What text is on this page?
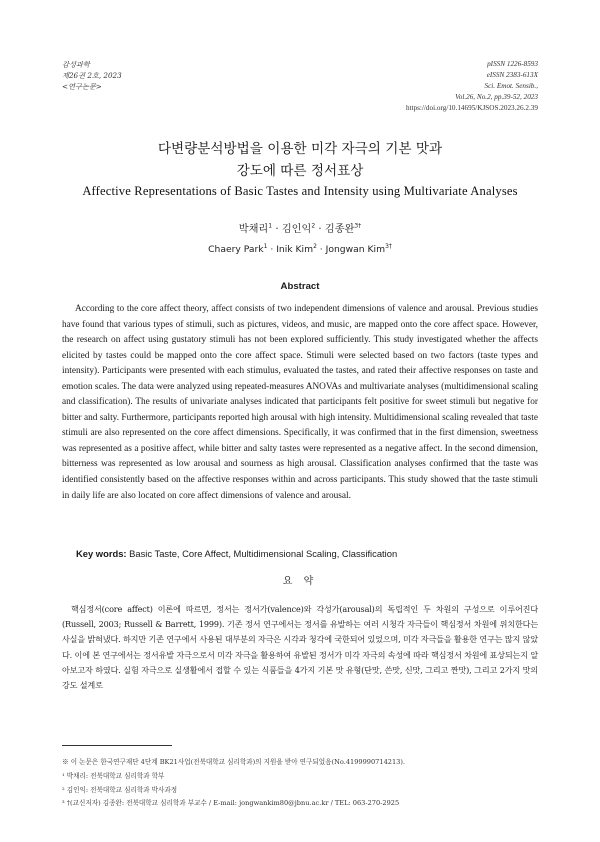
감성과학
제26권 2호, 2023
<연구논문>
pISSN 1226-8593
eISSN 2383-613X
Sci. Emot. Sensib.,
Vol.26, No.2, pp.39-52, 2023
https://doi.org/10.14695/KJSOS.2023.26.2.39
다변량분석방법을 이용한 미각 자극의 기본 맛과
강도에 따른 정서표상
Affective Representations of Basic Tastes and Intensity using Multivariate Analyses
박채리$^1$ · 김인익$^2$ · 김종완$^{3\dagger}$
Chaery Park$^1$ · Inik Kim$^2$ · Jongwan Kim$^{3\dagger}$
Abstract

According to the core affect theory, affect consists of two independent dimensions of valence and arousal. Previous studies have found that various types of stimuli, such as pictures, videos, and music, are mapped onto the core affect space. However, the research on affect using gustatory stimuli has not been explored sufficiently. This study investigated whether the affects elicited by tastes could be mapped onto the core affect space. Stimuli were selected based on two factors (taste types and intensity). Participants were presented with each stimulus, evaluated the tastes, and rated their affective responses on taste and emotion scales. The data were analyzed using repeated-measures ANOVAs and multivariate analyses (multidimensional scaling and classification). The results of univariate analyses indicated that participants felt positive for sweet stimuli but negative for bitter and salty. Furthermore, participants reported high arousal with high intensity. Multidimensional scaling revealed that taste stimuli are also represented on the core affect dimensions. Specifically, it was confirmed that in the first dimension, sweetness was represented as a positive affect, while bitter and salty tastes were represented as a negative affect. In the second dimension, bitterness was represented as low arousal and sourness as high arousal. Classification analyses confirmed that the taste was identified consistently based on the affective responses within and across participants. This study showed that the taste stimuli in daily life are also located on core affect dimensions of valence and arousal.

Key words: Basic Taste, Core Affect, Multidimensional Scaling, Classification
요 약

핵심정서(core affect) 이론에 따르면, 정서는 정서가(valence)와 각성가(arousal)의 독립적인 두 차원의 구성으로 이루어진다(Russell, 2003; Russell & Barrett, 1999). 기존 정서 연구에서는 정서를 유발하는 여러 시청각 자극들이 핵심정서 차원에 위치한다는 사실을 밝혀냈다. 하지만 기존 연구에서 사용된 대부분의 자극은 시각과 청각에 국한되어 있었으며, 미각 자극들을 활용한 연구는 많지 않았다. 이에 본 연구에서는 정서유발 자극으로서 미각 자극을 활용하여 유발된 정서가 미각 자극의 속성에 따라 핵심정서 차원에 표상되는지 알아보고자 하였다. 실험 자극으로 실생활에서 접할 수 있는 식품들을 4가지 기본 맛 유형(단맛, 쓴맛, 신맛, 그리고 짠맛), 그리고 2가지 맛의 강도 설계로

※ 이 논문은 한국연구재단 4단계 BK21사업(전북대학교 심리학과)의 지원을 받아 연구되었음(No.4199990714213).
¹ 박채리: 전북대학교 심리학과 학부
² 김인익: 전북대학교 심리학과 박사과정
³ †(교신저자) 김종완: 전북대학교 심리학과 부교수 / E-mail: jongwankim80@jbnu.ac.kr / TEL: 063-270-2925
